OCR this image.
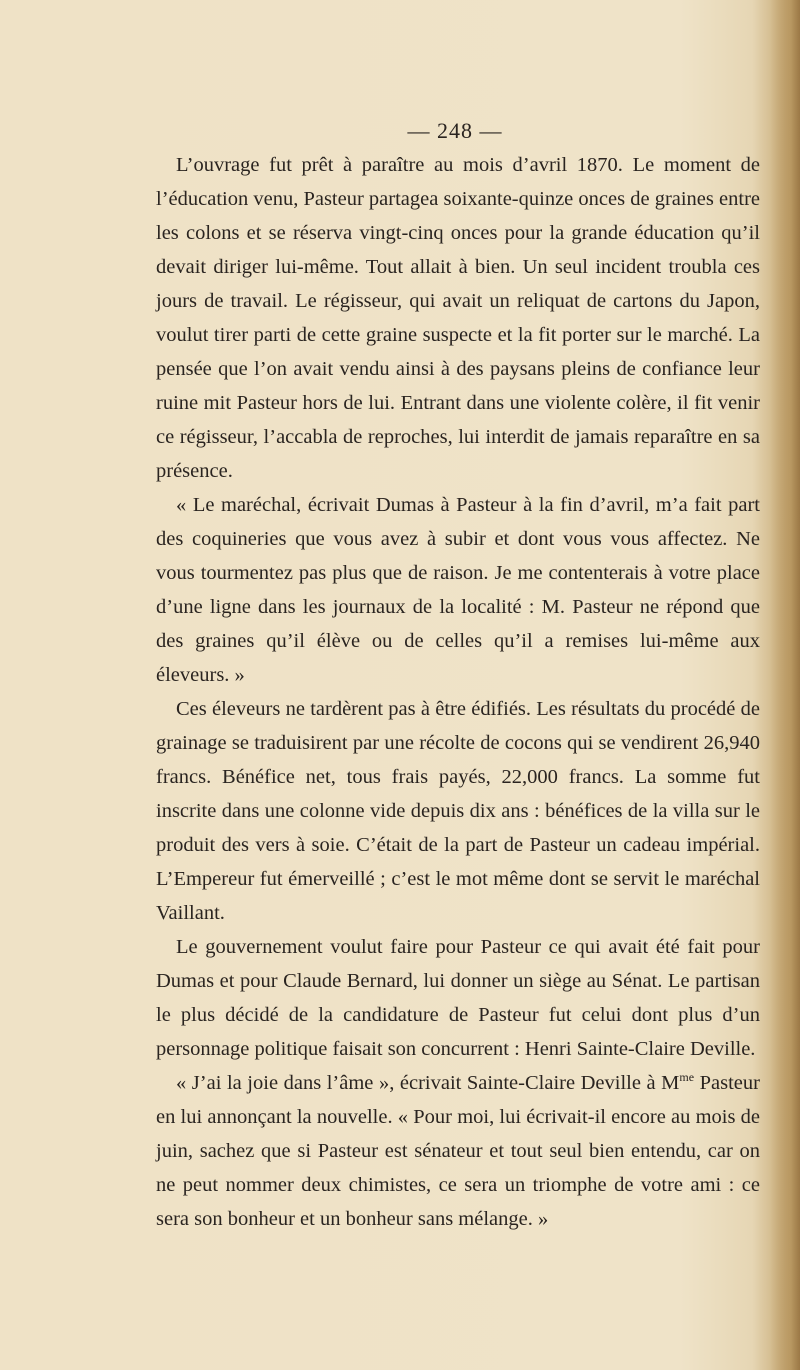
— 248 —

L’ouvrage fut prêt à paraître au mois d’avril 1870. Le moment de l’éducation venu, Pasteur partagea soixante-quinze onces de graines entre les colons et se réserva vingt-cinq onces pour la grande éducation qu’il devait diriger lui-même. Tout allait à bien. Un seul incident troubla ces jours de travail. Le régisseur, qui avait un reliquat de cartons du Japon, voulut tirer parti de cette graine suspecte et la fit porter sur le marché. La pensée que l’on avait vendu ainsi à des paysans pleins de confiance leur ruine mit Pasteur hors de lui. Entrant dans une violente colère, il fit venir ce régisseur, l’accabla de reproches, lui interdit de jamais reparaître en sa présence.

« Le maréchal, écrivait Dumas à Pasteur à la fin d’avril, m’a fait part des coquineries que vous avez à subir et dont vous vous affectez. Ne vous tourmentez pas plus que de raison. Je me contenterais à votre place d’une ligne dans les journaux de la localité : M. Pasteur ne répond que des graines qu’il élève ou de celles qu’il a remises lui-même aux éleveurs. »

Ces éleveurs ne tardèrent pas à être édifiés. Les résultats du procédé de grainage se traduisirent par une récolte de cocons qui se vendirent 26,940 francs. Bénéfice net, tous frais payés, 22,000 francs. La somme fut inscrite dans une colonne vide depuis dix ans : bénéfices de la villa sur le produit des vers à soie. C’était de la part de Pasteur un cadeau impérial. L’Empereur fut émerveillé ; c’est le mot même dont se servit le maréchal Vaillant.

Le gouvernement voulut faire pour Pasteur ce qui avait été fait pour Dumas et pour Claude Bernard, lui donner un siège au Sénat. Le partisan le plus décidé de la candidature de Pasteur fut celui dont plus d’un personnage politique faisait son concurrent : Henri Sainte-Claire Deville.

« J’ai la joie dans l’âme », écrivait Sainte-Claire Deville à $M^{me}$ Pasteur en lui annonçant la nouvelle. « Pour moi, lui écrivait-il encore au mois de juin, sachez que si Pasteur est sénateur et tout seul bien entendu, car on ne peut nommer deux chimistes, ce sera un triomphe de votre ami : ce sera son bonheur et un bonheur sans mélange. »
